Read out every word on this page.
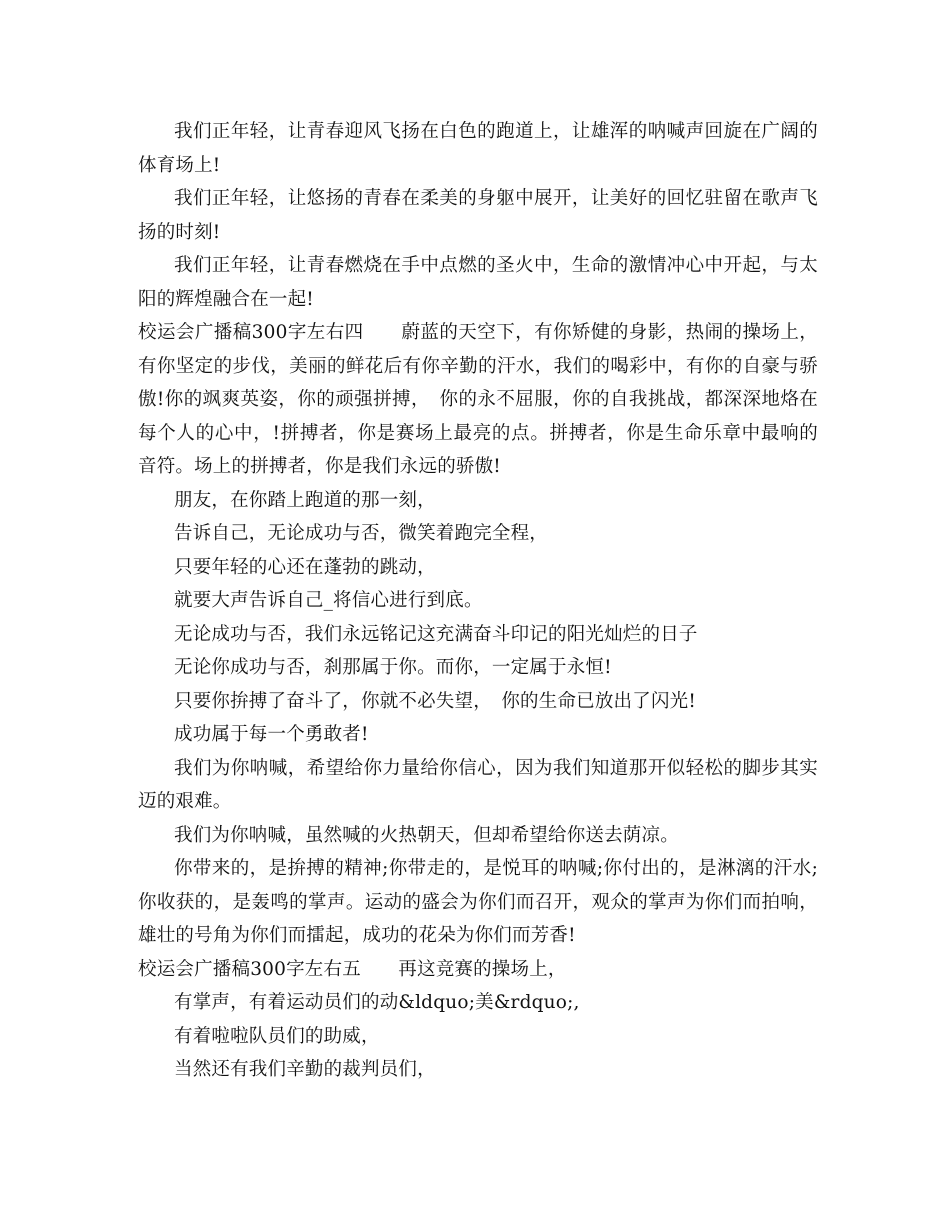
我们正年轻，让青春迎风飞扬在白色的跑道上，让雄浑的呐喊声回旋在广阔的体育场上!

我们正年轻，让悠扬的青春在柔美的身躯中展开，让美好的回忆驻留在歌声飞扬的时刻!

我们正年轻，让青春燃烧在手中点燃的圣火中，生命的激情冲心中开起，与太阳的辉煌融合在一起!

校运会广播稿300字左右四　　蔚蓝的天空下，有你矫健的身影，热闹的操场上，有你坚定的步伐，美丽的鲜花后有你辛勤的汗水，我们的喝彩中，有你的自豪与骄傲!你的飒爽英姿，你的顽强拼搏，　你的永不屈服，你的自我挑战，都深深地烙在每个人的心中，!拼搏者，你是赛场上最亮的点。拼搏者，你是生命乐章中最响的音符。场上的拼搏者，你是我们永远的骄傲!

朋友，在你踏上跑道的那一刻，

告诉自己，无论成功与否，微笑着跑完全程，

只要年轻的心还在蓬勃的跳动，

就要大声告诉自己_将信心进行到底。

无论成功与否，我们永远铭记这充满奋斗印记的阳光灿烂的日子

无论你成功与否，刹那属于你。而你，一定属于永恒!

只要你拚搏了奋斗了，你就不必失望，　你的生命已放出了闪光!

成功属于每一个勇敢者!

我们为你呐喊，希望给你力量给你信心，因为我们知道那开似轻松的脚步其实迈的艰难。

我们为你呐喊，虽然喊的火热朝天，但却希望给你送去荫凉。

你带来的，是拚搏的精神;你带走的，是悦耳的呐喊;你付出的，是淋漓的汗水;你收获的，是轰鸣的掌声。运动的盛会为你们而召开，观众的掌声为你们而拍响，雄壮的号角为你们而擂起，成功的花朵为你们而芳香!

校运会广播稿300字左右五　　再这竞赛的操场上，

有掌声，有着运动员们的动&ldquo;美&rdquo;,

有着啦啦队员们的助威，

当然还有我们辛勤的裁判员们，
